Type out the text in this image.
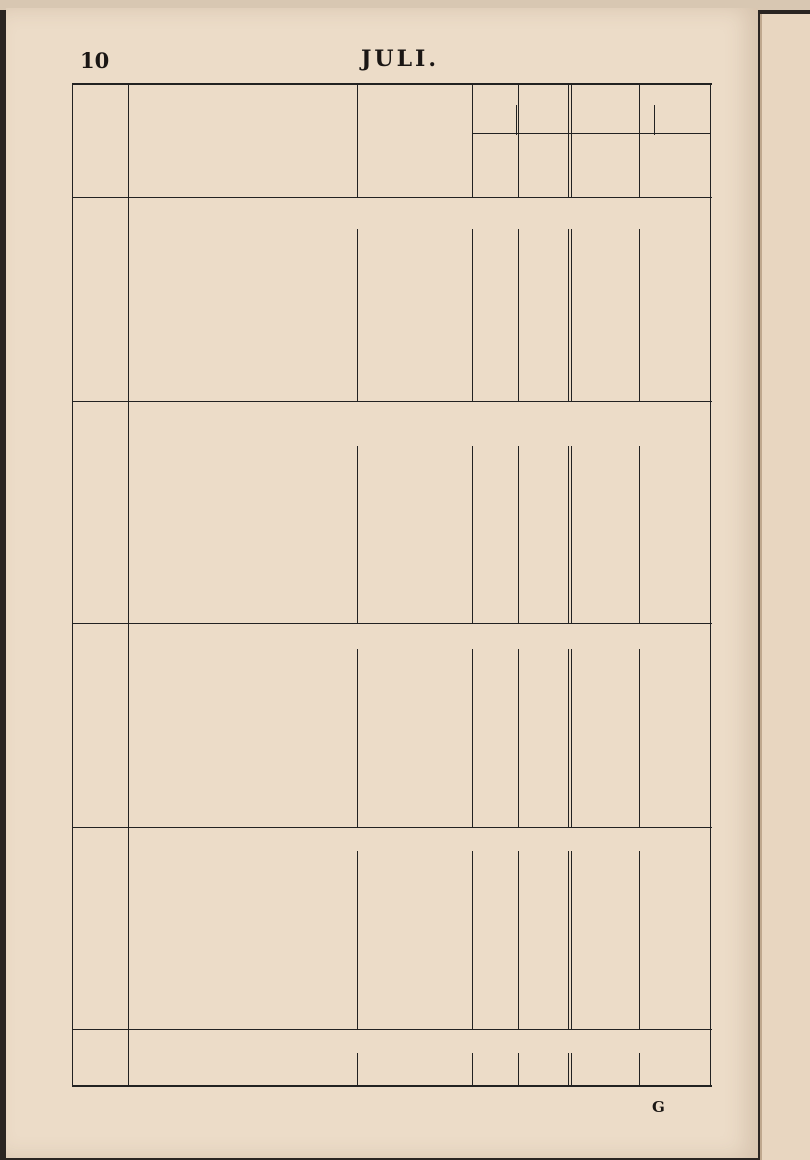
10	JULI.
G
